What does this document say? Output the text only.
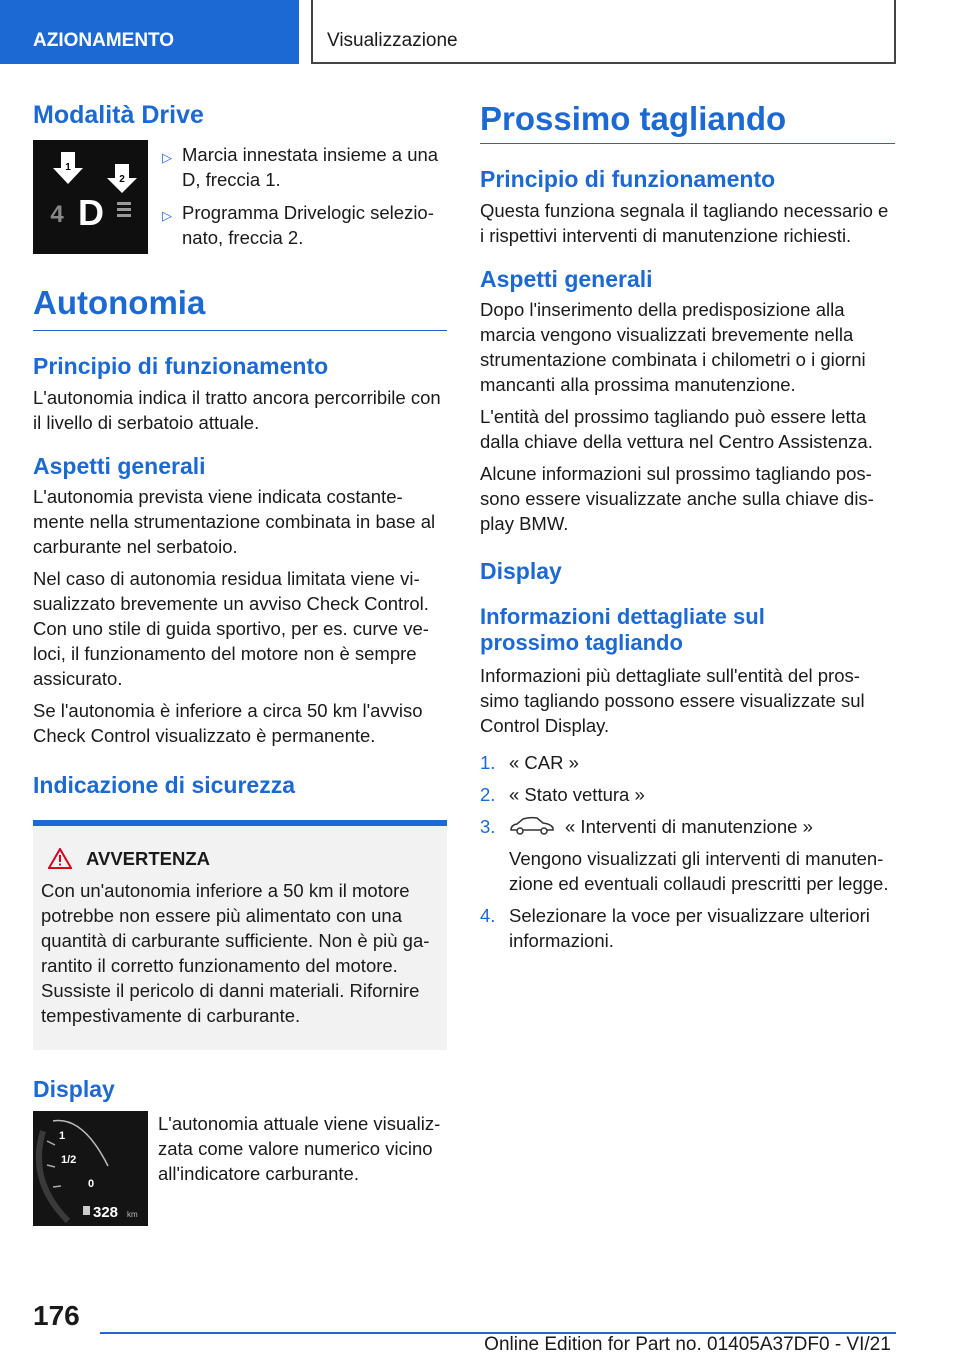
AZIONAMENTO	Visualizzazione
Modalità Drive
1
2
4 D
▷ Marcia innestata insieme a una D, freccia 1.
▷ Programma Drivelogic selezio-nato, freccia 2.
Autonomia
Principio di funzionamento

L'autonomia indica il tratto ancora percorribile con il livello di serbatoio attuale.

Aspetti generali

L'autonomia prevista viene indicata costante-mente nella strumentazione combinata in base al carburante nel serbatoio.

Nel caso di autonomia residua limitata viene vi-sualizzato brevemente un avviso Check Control. Con uno stile di guida sportivo, per es. curve ve-loci, il funzionamento del motore non è sempre assicurato.

Se l'autonomia è inferiore a circa 50 km l'avviso Check Control visualizzato è permanente.

Indicazione di sicurezza
AVVERTENZA

Con un'autonomia inferiore a 50 km il motore potrebbe non essere più alimentato con una quantità di carburante sufficiente. Non è più ga-rantito il corretto funzionamento del motore. Sussiste il pericolo di danni materiali. Rifornire tempestivamente di carburante.

Display
1
1/2
0
328 km

L'autonomia attuale viene visualiz-zata come valore numerico vicino all'indicatore carburante.

Prossimo tagliando
Principio di funzionamento

Questa funziona segnala il tagliando necessario e i rispettivi interventi di manutenzione richiesti.

Aspetti generali

Dopo l'inserimento della predisposizione alla marcia vengono visualizzati brevemente nella strumentazione combinata i chilometri o i giorni mancanti alla prossima manutenzione.

L'entità del prossimo tagliando può essere letta dalla chiave della vettura nel Centro Assistenza.

Alcune informazioni sul prossimo tagliando pos-sono essere visualizzate anche sulla chiave dis-play BMW.

Display
Informazioni dettagliate sul prossimo tagliando

Informazioni più dettagliate sull'entità del pros-simo tagliando possono essere visualizzate sul Control Display.

1. « CAR »
2. « Stato vettura »
3.	« Interventi di manutenzione »

Vengono visualizzati gli interventi di manuten-zione ed eventuali collaudi prescritti per legge.

4. Selezionare la voce per visualizzare ulteriori informazioni.
176
Online Edition for Part no. 01405A37DF0 - VI/21
